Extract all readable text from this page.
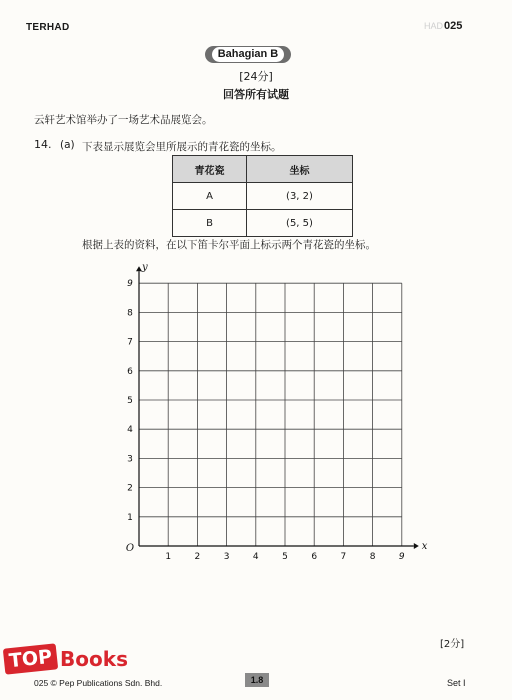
TERHAD	HAD 025
Bahagian B
[24分]
回答所有试题
云轩艺术馆举办了一场艺术品展览会。
14. (a) 下表显示展览会里所展示的青花瓷的坐标。
青花瓷	坐标
A	(3, 2)
B	(5, 5)
根据上表的资料，在以下笛卡尔平面上标示两个青花瓷的坐标。
1	2	3	4	5	6	7	8	9
1
2
3
4
5
6
7
8
9
O	x
y
[2分]
TOP Books
025 © Pep Publications Sdn. Bhd.	1.8	Set I
